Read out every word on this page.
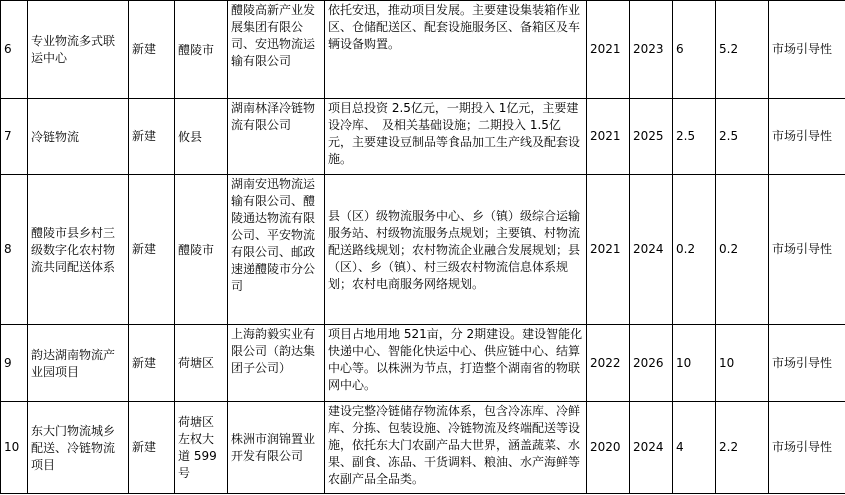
6	专业物流多式联运中心	新建	醴陵市	醴陵高新产业发展集团有限公司、安迅物流运输有限公司	依托安迅，推动项目发展。主要建设集装箱作业区、仓储配送区、配套设施服务区、备箱区及车辆设备购置。	2021	2023	6	5.2	市场引导性
7	冷链物流	新建	攸县	湖南林泽冷链物流有限公司	项目总投资 2.5亿元，一期投入 1亿元，主要建设冷库、　及相关基础设施；二期投入 1.5亿元，主要建设豆制品等食品加工生产线及配套设施。	2021	2025	2.5	2.5	市场引导性
8	醴陵市县乡村三级数字化农村物流共同配送体系	新建	醴陵市	湖南安迅物流运输有限公司、醴陵通达物流有限公司、平安物流有限公司、邮政速递醴陵市分公司	县（区）级物流服务中心、乡（镇）级综合运输服务站、村级物流服务点规划；主要镇、村物流配送路线规划；农村物流企业融合发展规划；县（区）、乡（镇）、村三级农村物流信息体系规划；农村电商服务网络规划。	2021	2024	0.2	0.2	市场引导性
9	韵达湖南物流产业园项目	新建	荷塘区	上海韵毅实业有限公司（韵达集团子公司）	项目占地用地 521亩，分 2期建设。建设智能化快递中心、智能化快运中心、供应链中心、结算中心等。以株洲为节点，打造整个湖南省的物联网中心。	2022	2026	10	10	市场引导性
10	东大门物流城乡配送、冷链物流项目	新建	荷塘区左权大道 599号	株洲市润锦置业开发有限公司	建设完整冷链储存物流体系，包含冷冻库、冷鲜库、分拣、包装设施、冷链物流及终端配送等设施，依托东大门农副产品大世界，涵盖蔬菜、水果、副食、冻品、干货调料、粮油、水产海鲜等农副产品全品类。	2020	2024	4	2.2	市场引导性
